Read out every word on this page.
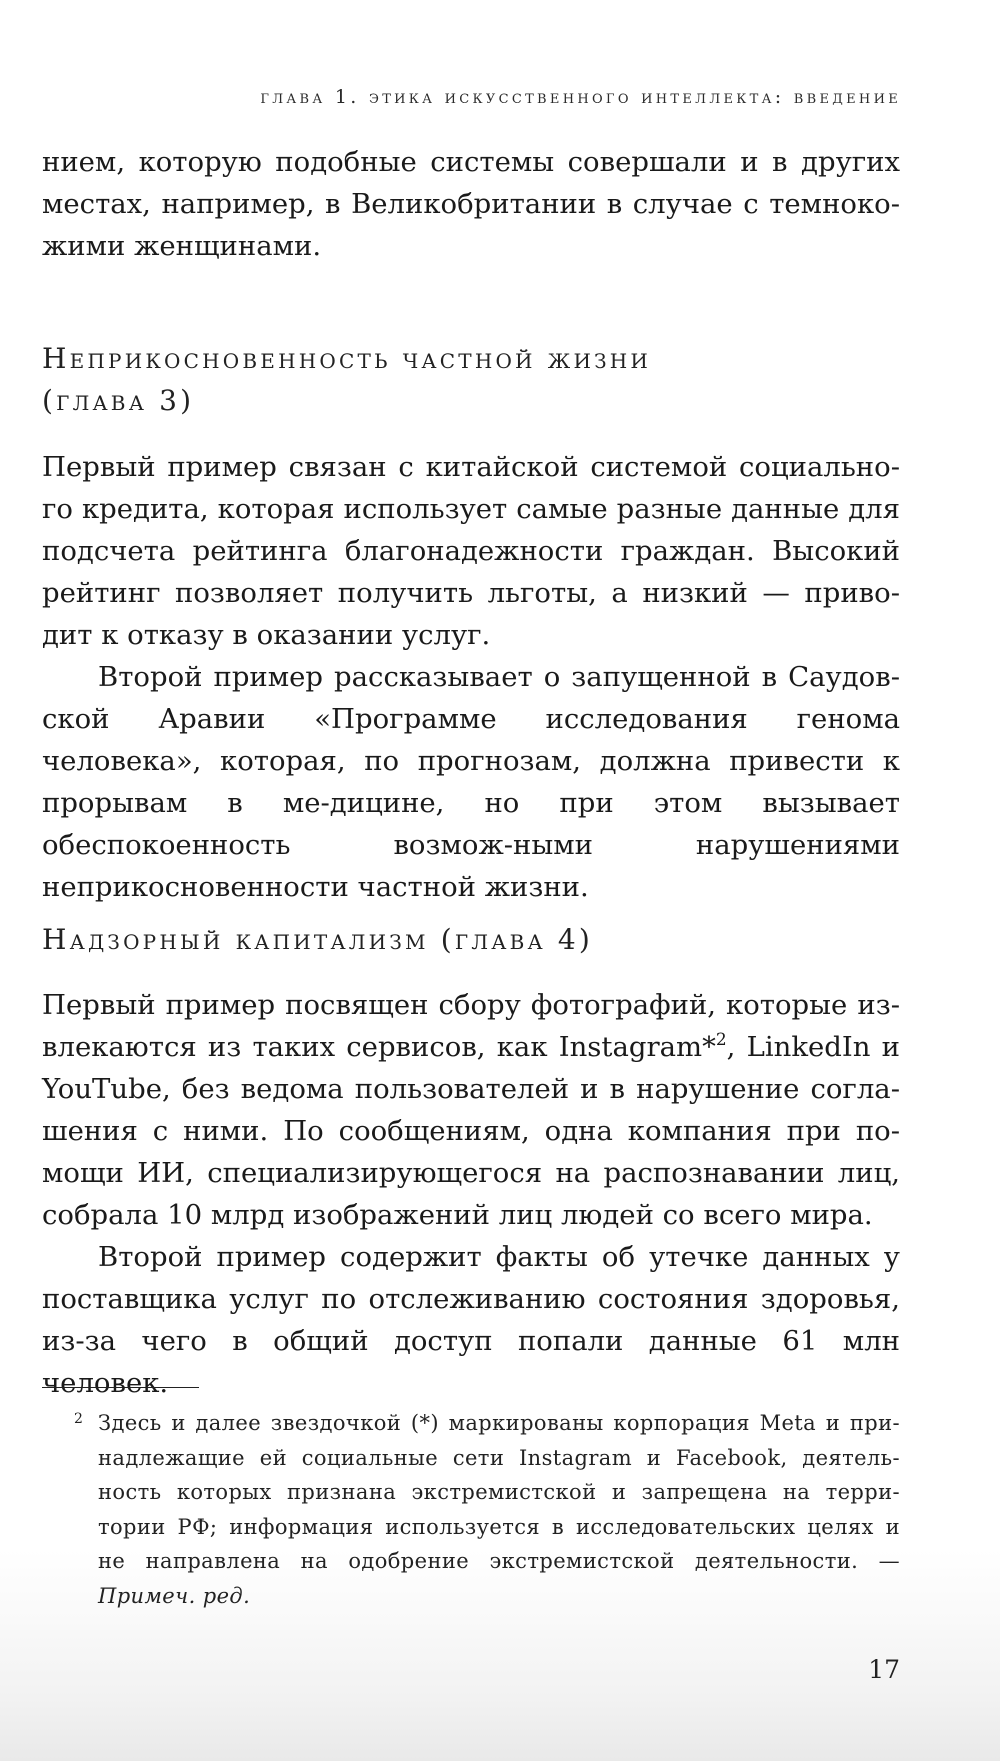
глава 1. этика искусственного интеллекта: введение

нием, которую подобные системы совершали и в других местах, например, в Великобритании в случае с темноко-жими женщинами.

Неприкосновенность частной жизни
(глава 3)

Первый пример связан с китайской системой социально-го кредита, которая использует самые разные данные для подсчета рейтинга благонадежности граждан. Высокий рейтинг позволяет получить льготы, а низкий — приво-дит к отказу в оказании услуг.

Второй пример рассказывает о запущенной в Саудов-ской Аравии «Программе исследования генома человека», которая, по прогнозам, должна привести к прорывам в ме-дицине, но при этом вызывает обеспокоенность возмож-ными нарушениями неприкосновенности частной жизни.

Надзорный капитализм (глава 4)

Первый пример посвящен сбору фотографий, которые из-влекаются из таких сервисов, как Instagram*$^2$, LinkedIn и YouTube, без ведома пользователей и в нарушение согла-шения с ними. По сообщениям, одна компания при по-мощи ИИ, специализирующегося на распознавании лиц, собрала 10 млрд изображений лиц людей со всего мира.

Второй пример содержит факты об утечке данных у поставщика услуг по отслеживанию состояния здоровья, из-за чего в общий доступ попали данные 61 млн человек.

2 Здесь и далее звездочкой (*) маркированы корпорация Meta и при-надлежащие ей социальные сети Instagram и Facebook, деятель-ность которых признана экстремистской и запрещена на терри-тории РФ; информация используется в исследовательских целях и не направлена на одобрение экстремистской деятельности. — Примеч. ред.
17
